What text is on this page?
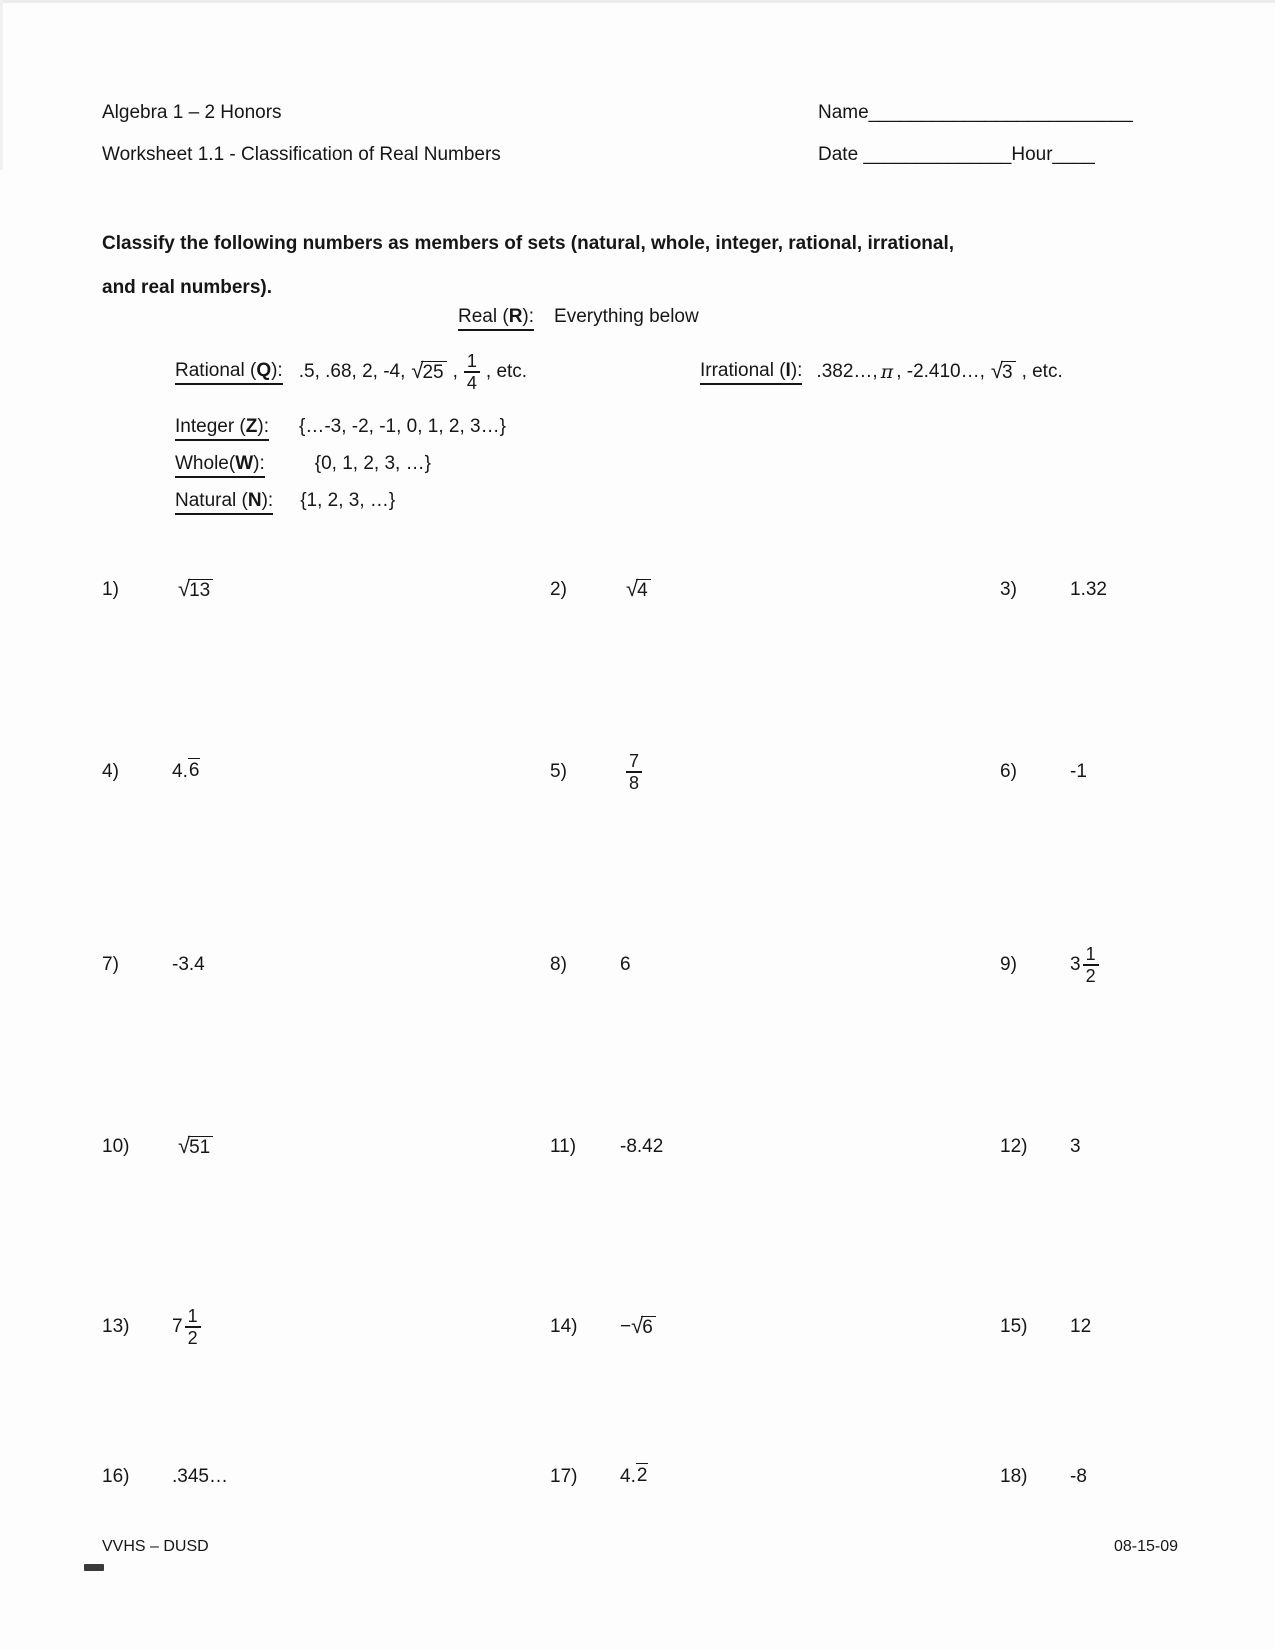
Algebra 1 – 2 Honors
Worksheet 1.1 - Classification of Real Numbers
Name_________________________
Date ______________Hour____
Classify the following numbers as members of sets (natural, whole, integer, rational, irrational,
and real numbers).
Real (R): Everything below
Rational (Q): .5, .68, 2, -4, √ 25 , $\frac{1}{4}$ , etc.	Irrational (I): .382…, π , -2.410…, √ 3 , etc.
Integer (Z): {…-3, -2, -1, 0, 1, 2, 3…}
Whole(W):	{0, 1, 2, 3, …}
Natural (N): {1, 2, 3, …}
1)	√ 13	2)	√ 4	3)	1.32
4)	4. 6	5)	$\frac{7}{8}$	6)	-1
7)	-3.4	8)	6	9)	$3 \frac{1}{2}$
10)	√ 51	11)	-8.42	12)	3
13)	$7 \frac{1}{2}$	14)	− √ 6	15)	12
16)	.345…	17)	4. 2	18)	-8
VVHS – DUSD	08-15-09
